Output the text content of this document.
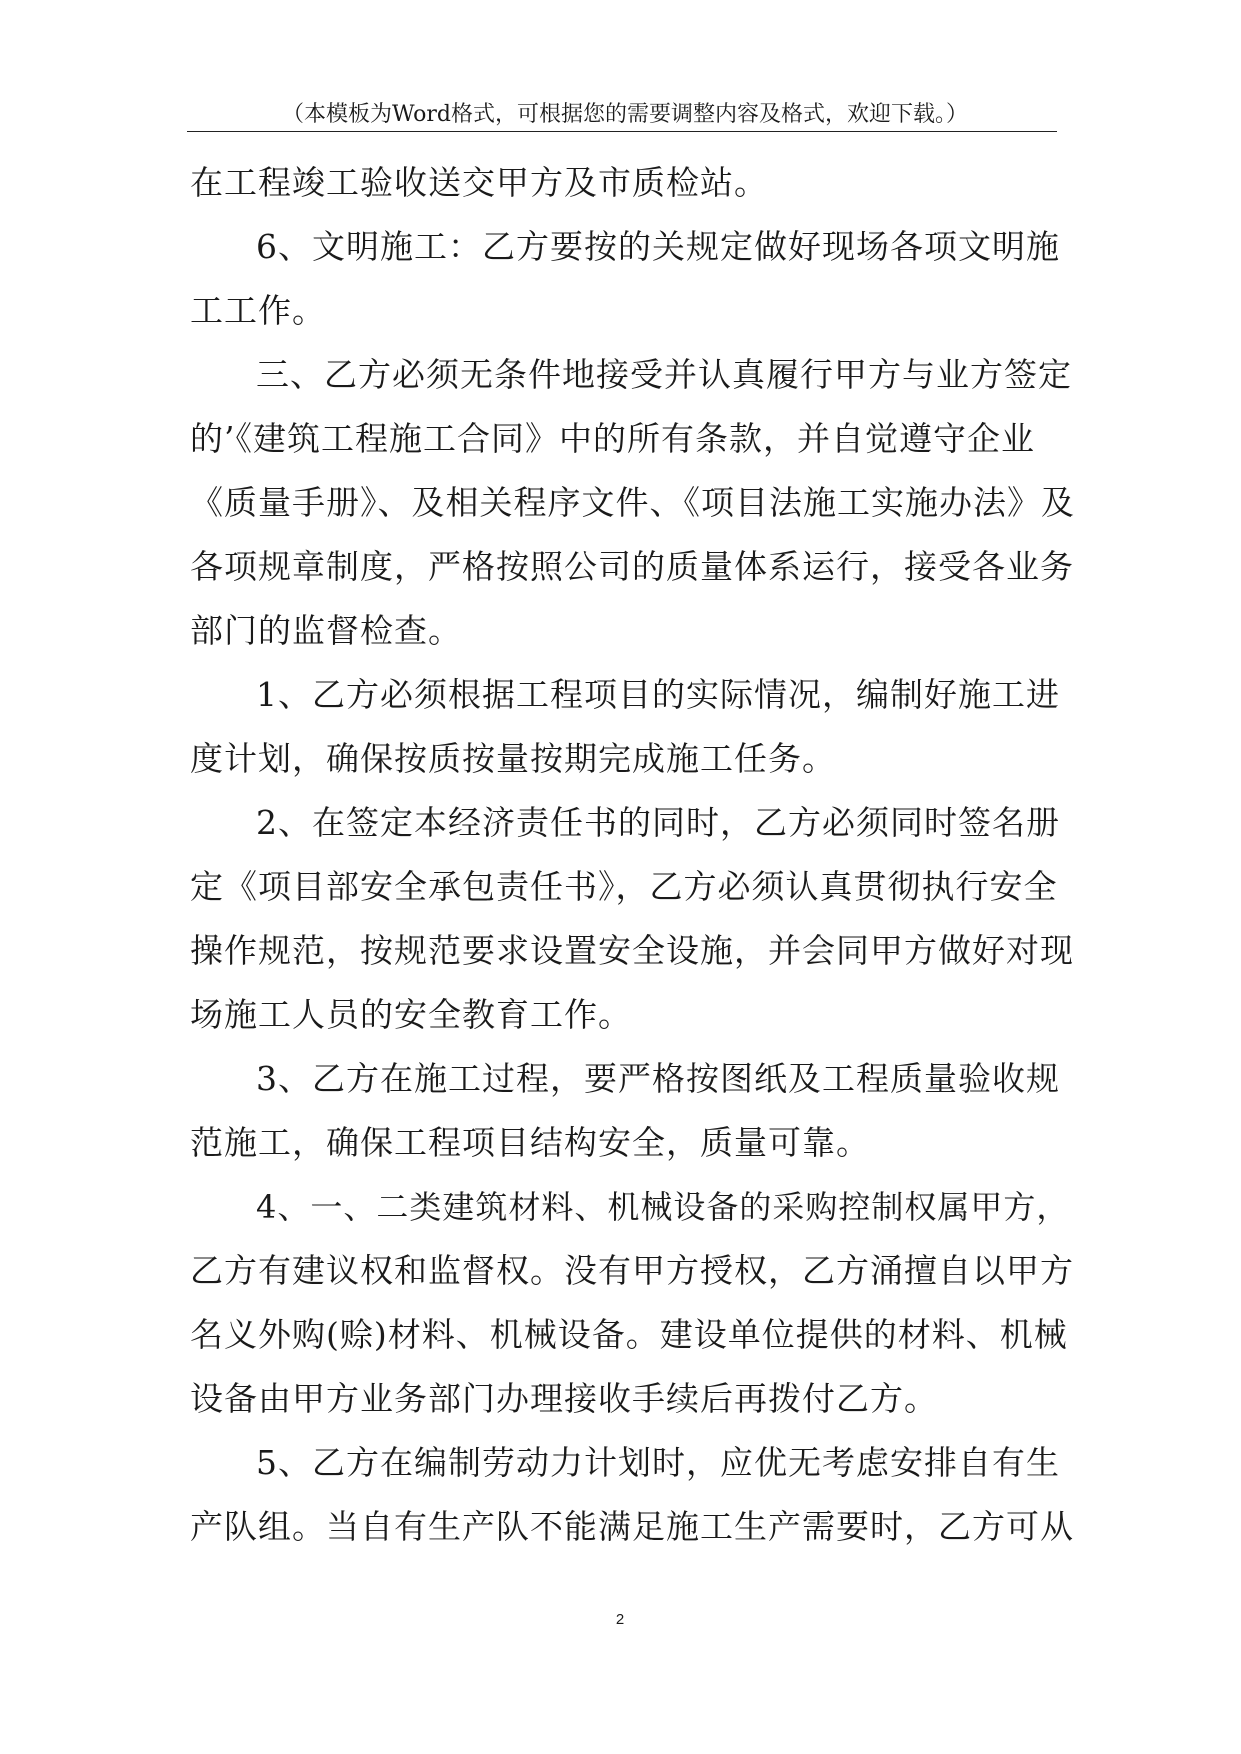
（本模板为Word格式，可根据您的需要调整内容及格式，欢迎下载。）
在工程竣工验收送交甲方及市质检站。
6、文明施工：乙方要按的关规定做好现场各项文明施
工工作。
三、乙方必须无条件地接受并认真履行甲方与业方签定
的’《建筑工程施工合同》中的所有条款，并自觉遵守企业
《质量手册》、及相关程序文件、《项目法施工实施办法》及
各项规章制度，严格按照公司的质量体系运行，接受各业务
部门的监督检查。
1、乙方必须根据工程项目的实际情况，编制好施工进
度计划，确保按质按量按期完成施工任务。
2、在签定本经济责任书的同时，乙方必须同时签名册
定《项目部安全承包责任书》，乙方必须认真贯彻执行安全
操作规范，按规范要求设置安全设施，并会同甲方做好对现
场施工人员的安全教育工作。
3、乙方在施工过程，要严格按图纸及工程质量验收规
范施工，确保工程项目结构安全，质量可靠。
4、一、二类建筑材料、机械设备的采购控制权属甲方，
乙方有建议权和监督权。没有甲方授权，乙方涌擅自以甲方
名义外购(赊)材料、机械设备。建设单位提供的材料、机械
设备由甲方业务部门办理接收手续后再拨付乙方。
5、乙方在编制劳动力计划时，应优无考虑安排自有生
产队组。当自有生产队不能满足施工生产需要时，乙方可从
2
